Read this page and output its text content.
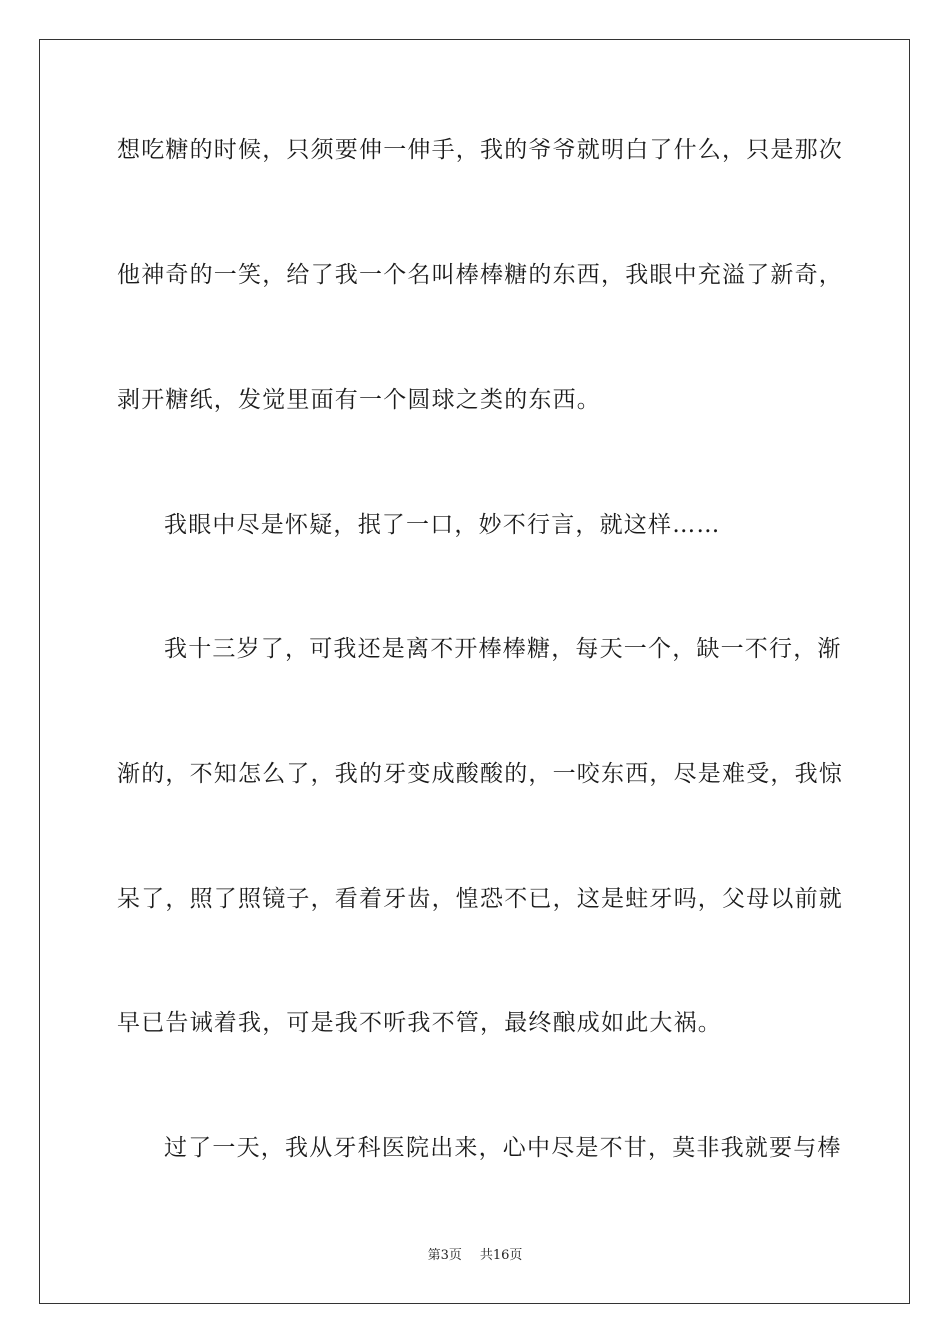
想吃糖的时候，只须要伸一伸手，我的爷爷就明白了什么，只是那次
他神奇的一笑，给了我一个名叫棒棒糖的东西，我眼中充溢了新奇，
剥开糖纸，发觉里面有一个圆球之类的东西。
我眼中尽是怀疑，抿了一口，妙不行言，就这样……
我十三岁了，可我还是离不开棒棒糖，每天一个，缺一不行，渐
渐的，不知怎么了，我的牙变成酸酸的，一咬东西，尽是难受，我惊
呆了，照了照镜子，看着牙齿，惶恐不已，这是蛀牙吗，父母以前就
早已告诫着我，可是我不听我不管，最终酿成如此大祸。
过了一天，我从牙科医院出来，心中尽是不甘，莫非我就要与棒
第3页 共16页
